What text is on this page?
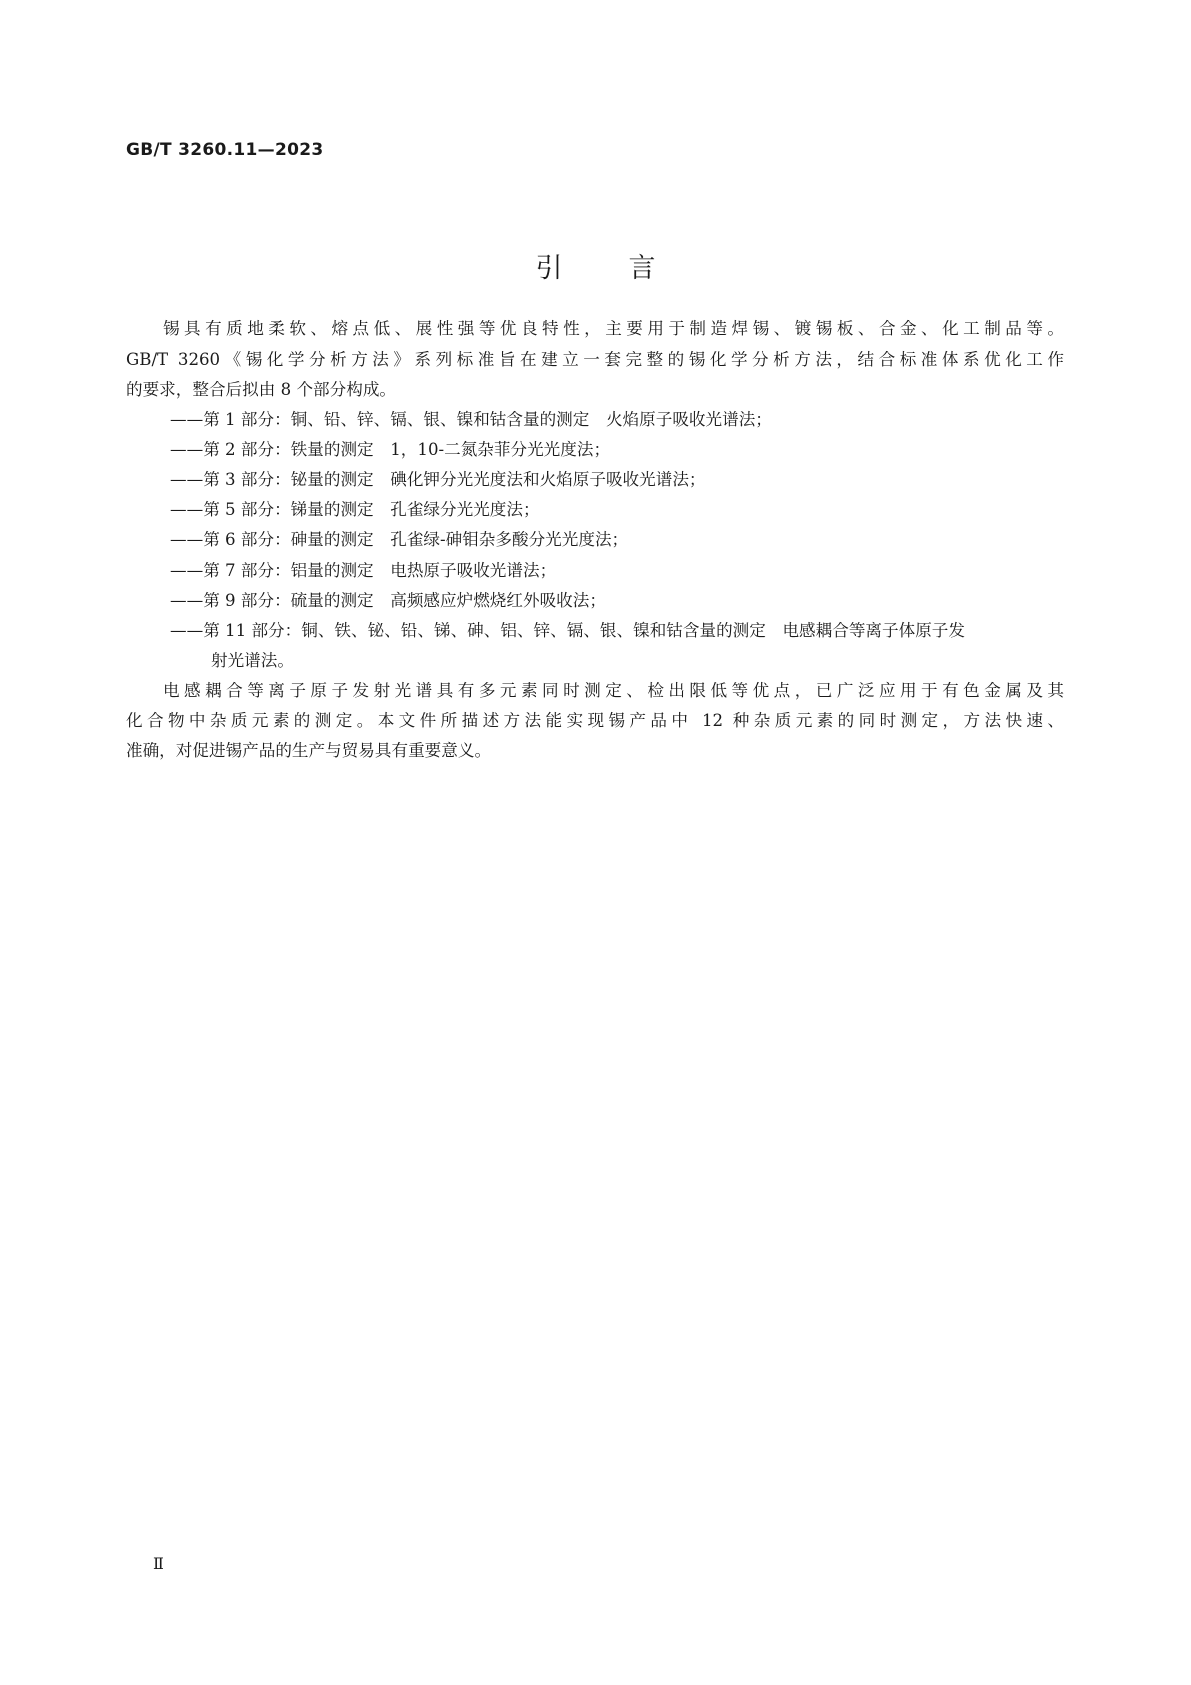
GB/T 3260.11—2023
引言
锡具有质地柔软、熔点低、展性强等优良特性，主要用于制造焊锡、镀锡板、合金、化工制品等。
GB/T 3260《锡化学分析方法》系列标准旨在建立一套完整的锡化学分析方法，结合标准体系优化工作
的要求，整合后拟由 8 个部分构成。
——第 1 部分：铜、铅、锌、镉、银、镍和钴含量的测定　火焰原子吸收光谱法；
——第 2 部分：铁量的测定　1，10-二氮杂菲分光光度法；
——第 3 部分：铋量的测定　碘化钾分光光度法和火焰原子吸收光谱法；
——第 5 部分：锑量的测定　孔雀绿分光光度法；
——第 6 部分：砷量的测定　孔雀绿-砷钼杂多酸分光光度法；
——第 7 部分：铝量的测定　电热原子吸收光谱法；
——第 9 部分：硫量的测定　高频感应炉燃烧红外吸收法；
——第 11 部分：铜、铁、铋、铅、锑、砷、铝、锌、镉、银、镍和钴含量的测定　电感耦合等离子体原子发
射光谱法。
电感耦合等离子原子发射光谱具有多元素同时测定、检出限低等优点，已广泛应用于有色金属及其
化合物中杂质元素的测定。本文件所描述方法能实现锡产品中 12 种杂质元素的同时测定，方法快速、
准确，对促进锡产品的生产与贸易具有重要意义。
Ⅱ
